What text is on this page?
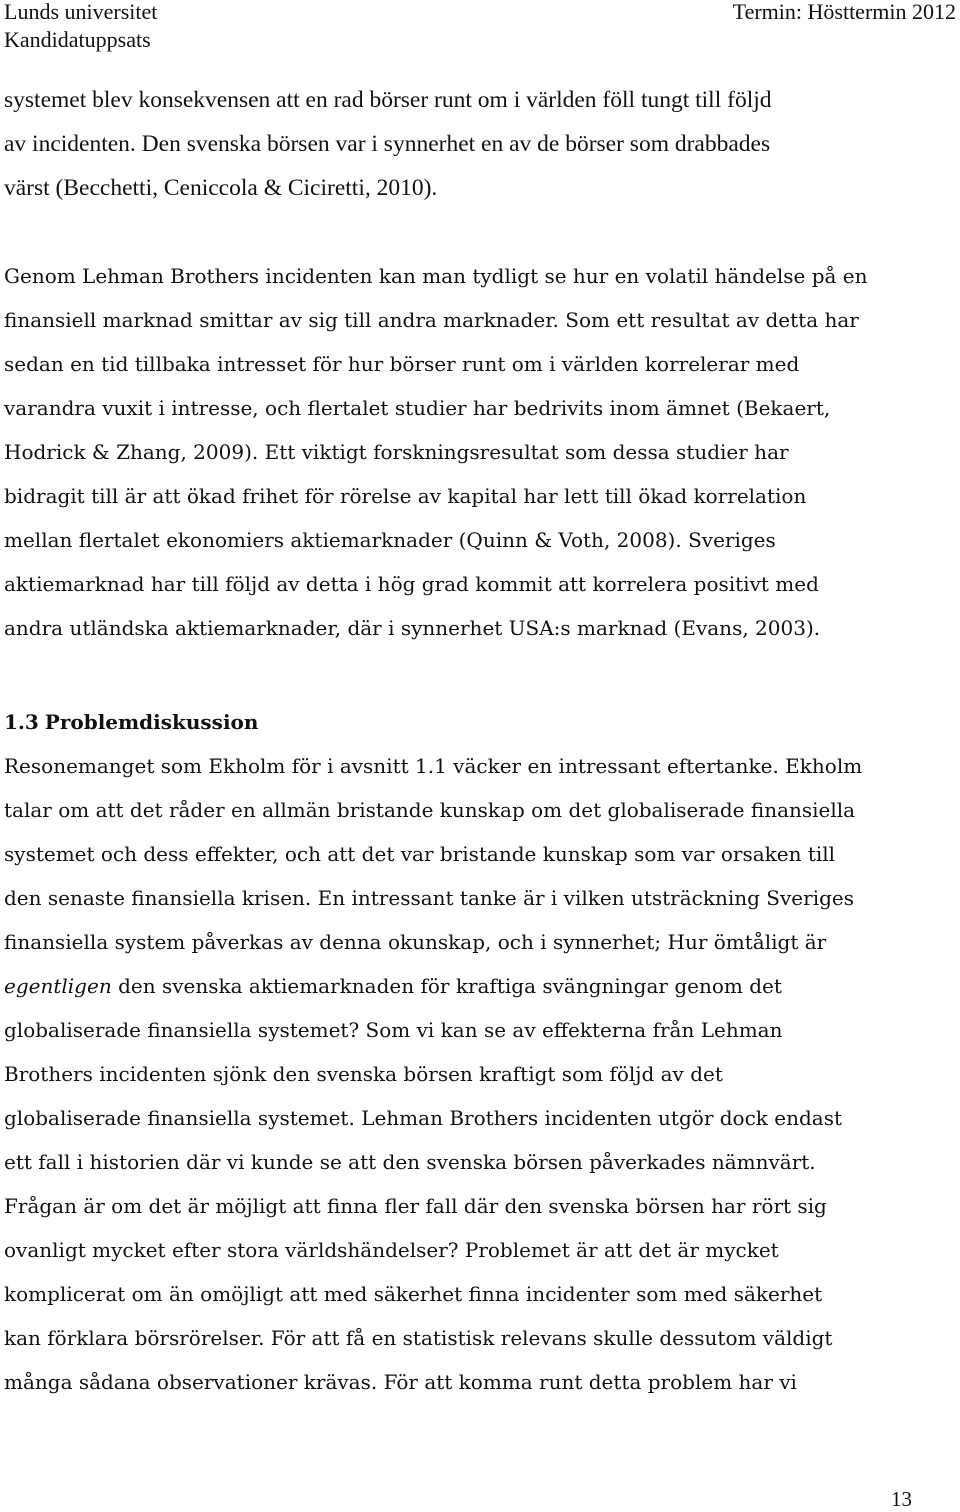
Lunds universitet
Kandidatuppsats
Termin: Hösttermin 2012
systemet blev konsekvensen att en rad börser runt om i världen föll tungt till följd
av incidenten. Den svenska börsen var i synnerhet en av de börser som drabbades
värst (Becchetti, Ceniccola & Ciciretti, 2010).
Genom Lehman Brothers incidenten kan man tydligt se hur en volatil händelse på en
finansiell marknad smittar av sig till andra marknader. Som ett resultat av detta har
sedan en tid tillbaka intresset för hur börser runt om i världen korrelerar med
varandra vuxit i intresse, och flertalet studier har bedrivits inom ämnet (Bekaert,
Hodrick & Zhang, 2009). Ett viktigt forskningsresultat som dessa studier har
bidragit till är att ökad frihet för rörelse av kapital har lett till ökad korrelation
mellan flertalet ekonomiers aktiemarknader (Quinn & Voth, 2008). Sveriges
aktiemarknad har till följd av detta i hög grad kommit att korrelera positivt med
andra utländska aktiemarknader, där i synnerhet USA:s marknad (Evans, 2003).
1.3 Problemdiskussion
Resonemanget som Ekholm för i avsnitt 1.1 väcker en intressant eftertanke. Ekholm
talar om att det råder en allmän bristande kunskap om det globaliserade finansiella
systemet och dess effekter, och att det var bristande kunskap som var orsaken till
den senaste finansiella krisen. En intressant tanke är i vilken utsträckning Sveriges
finansiella system påverkas av denna okunskap, och i synnerhet; Hur ömtåligt är
egentligen den svenska aktiemarknaden för kraftiga svängningar genom det
globaliserade finansiella systemet? Som vi kan se av effekterna från Lehman
Brothers incidenten sjönk den svenska börsen kraftigt som följd av det
globaliserade finansiella systemet. Lehman Brothers incidenten utgör dock endast
ett fall i historien där vi kunde se att den svenska börsen påverkades nämnvärt.
Frågan är om det är möjligt att finna fler fall där den svenska börsen har rört sig
ovanligt mycket efter stora världshändelser? Problemet är att det är mycket
komplicerat om än omöjligt att med säkerhet finna incidenter som med säkerhet
kan förklara börsrörelser. För att få en statistisk relevans skulle dessutom väldigt
många sådana observationer krävas. För att komma runt detta problem har vi
13
